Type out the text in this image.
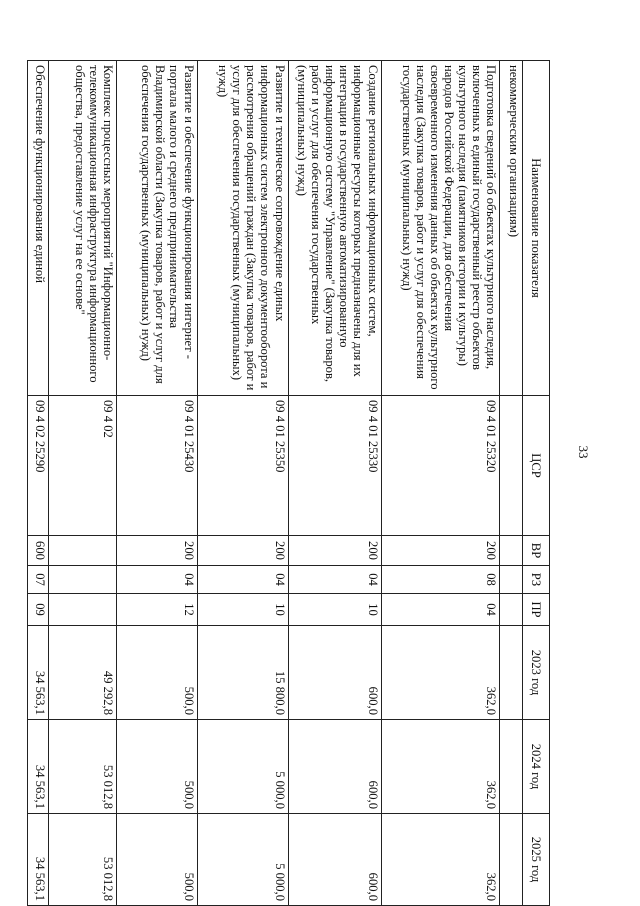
33
Наименование показателя	ЦСР	ВР	РЗ	ПР	2023 год	2024 год	2025 год
некоммерческим организациям)							
Подготовка сведений об объектах культурного наследия, включенных в единый государственный реестр объектов культурного наследия (памятников истории и культуры) народов Российской Федерации, для обеспечения своевременного изменения данных об объектах культурного наследия (Закупка товаров, работ и услуг для обеспечения государственных (муниципальных) нужд)	09 4 01 25320	200	08	04	362,0	362,0	362,0
Создание региональных информационных систем, информационные ресурсы которых предназначены для их интеграции в государственную автоматизированную информационную систему "Управление" (Закупка товаров, работ и услуг для обеспечения государственных (муниципальных) нужд)	09 4 01 25330	200	04	10	600,0	600,0	600,0
Развитие и техническое сопровождение единых информационных систем электронного документооборота и рассмотрения обращений граждан (Закупка товаров, работ и услуг для обеспечения государственных (муниципальных) нужд)	09 4 01 25350	200	04	10	15 800,0	5 000,0	5 000,0
Развитие и обеспечение функционирования интернет - портала малого и среднего предпринимательства Владимирской области (Закупка товаров, работ и услуг для обеспечения государственных (муниципальных) нужд)	09 4 01 25430	200	04	12	500,0	500,0	500,0
Комплекс процессных мероприятий "Информационно-телекоммуникационная инфраструктура информационного общества, предоставление услуг на ее основе"	09 4 02				49 292,8	53 012,8	53 012,8
Обеспечение функционирования единой	09 4 02 25290	600	07	09	34 563,1	34 563,1	34 563,1
